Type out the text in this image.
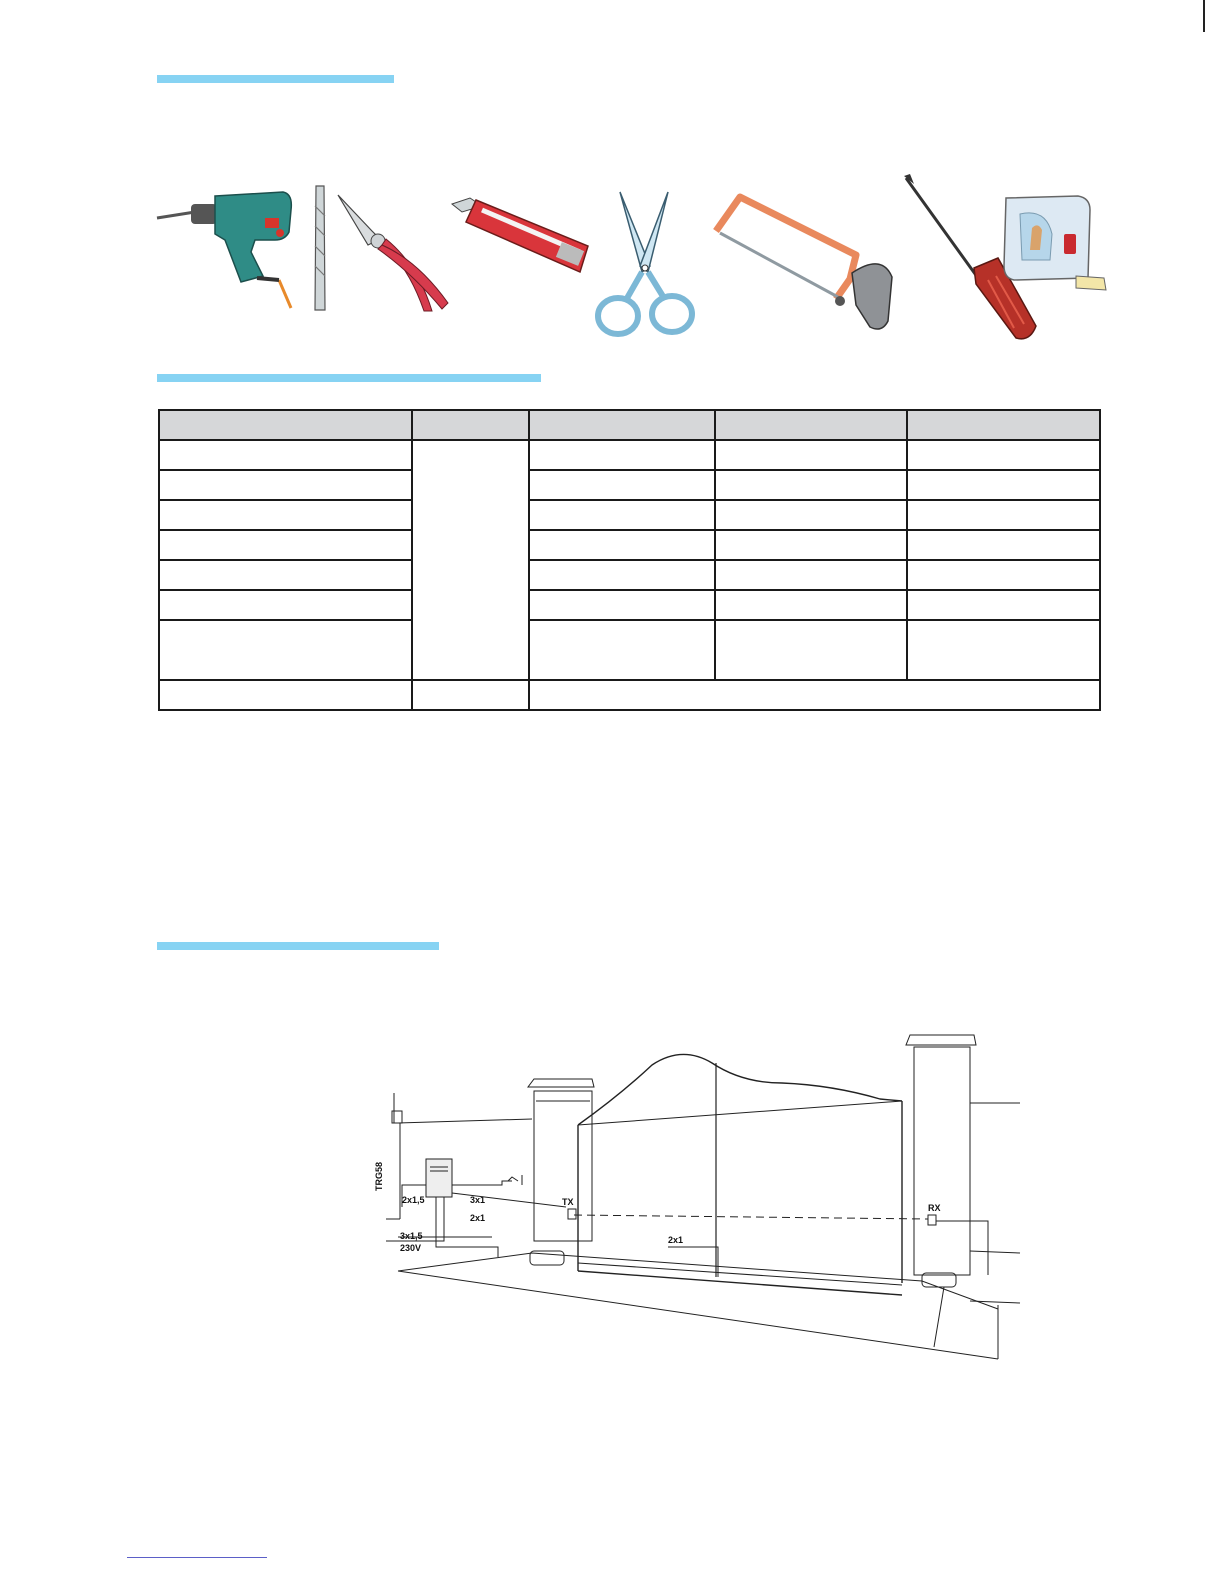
TRG58
2x1,5	3x1
2x1
3x1,5
230V
TX
RX
2x1
